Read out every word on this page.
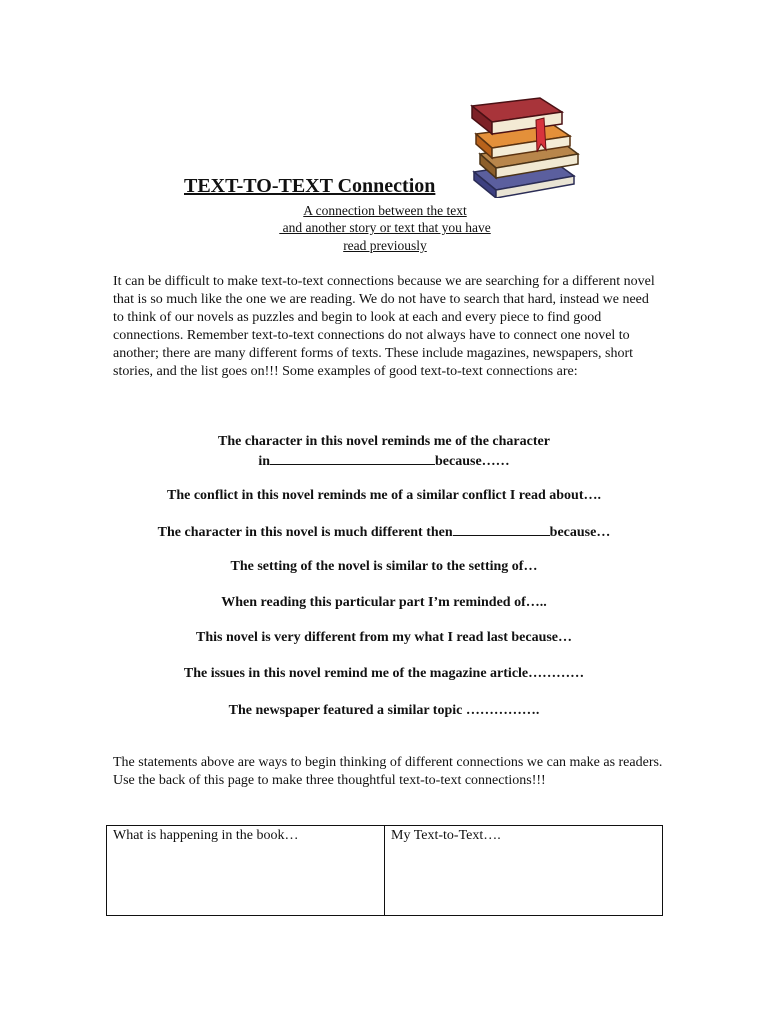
TEXT-TO-TEXT Connection

A connection between the text

and another story or text that you have

read previously

It can be difficult to make text-to-text connections because we are searching for a different novel that is so much like the one we are reading. We do not have to search that hard, instead we need to think of our novels as puzzles and begin to look at each and every piece to find good connections. Remember text-to-text connections do not always have to connect one novel to another; there are many different forms of texts. These include magazines, newspapers, short stories, and the list goes on!!! Some examples of good text-to-text connections are:

The character in this novel reminds me of the character
in	because……

The conflict in this novel reminds me of a similar conflict I read about….

The character in this novel is much different then	because…

The setting of the novel is similar to the setting of…

When reading this particular part I’m reminded of…..

This novel is very different from my what I read last because…

The issues in this novel remind me of the magazine article…………

The newspaper featured a similar topic …………….

The statements above are ways to begin thinking of different connections we can make as readers. Use the back of this page to make three thoughtful text-to-text connections!!!

What is happening in the book…	My Text-to-Text….
